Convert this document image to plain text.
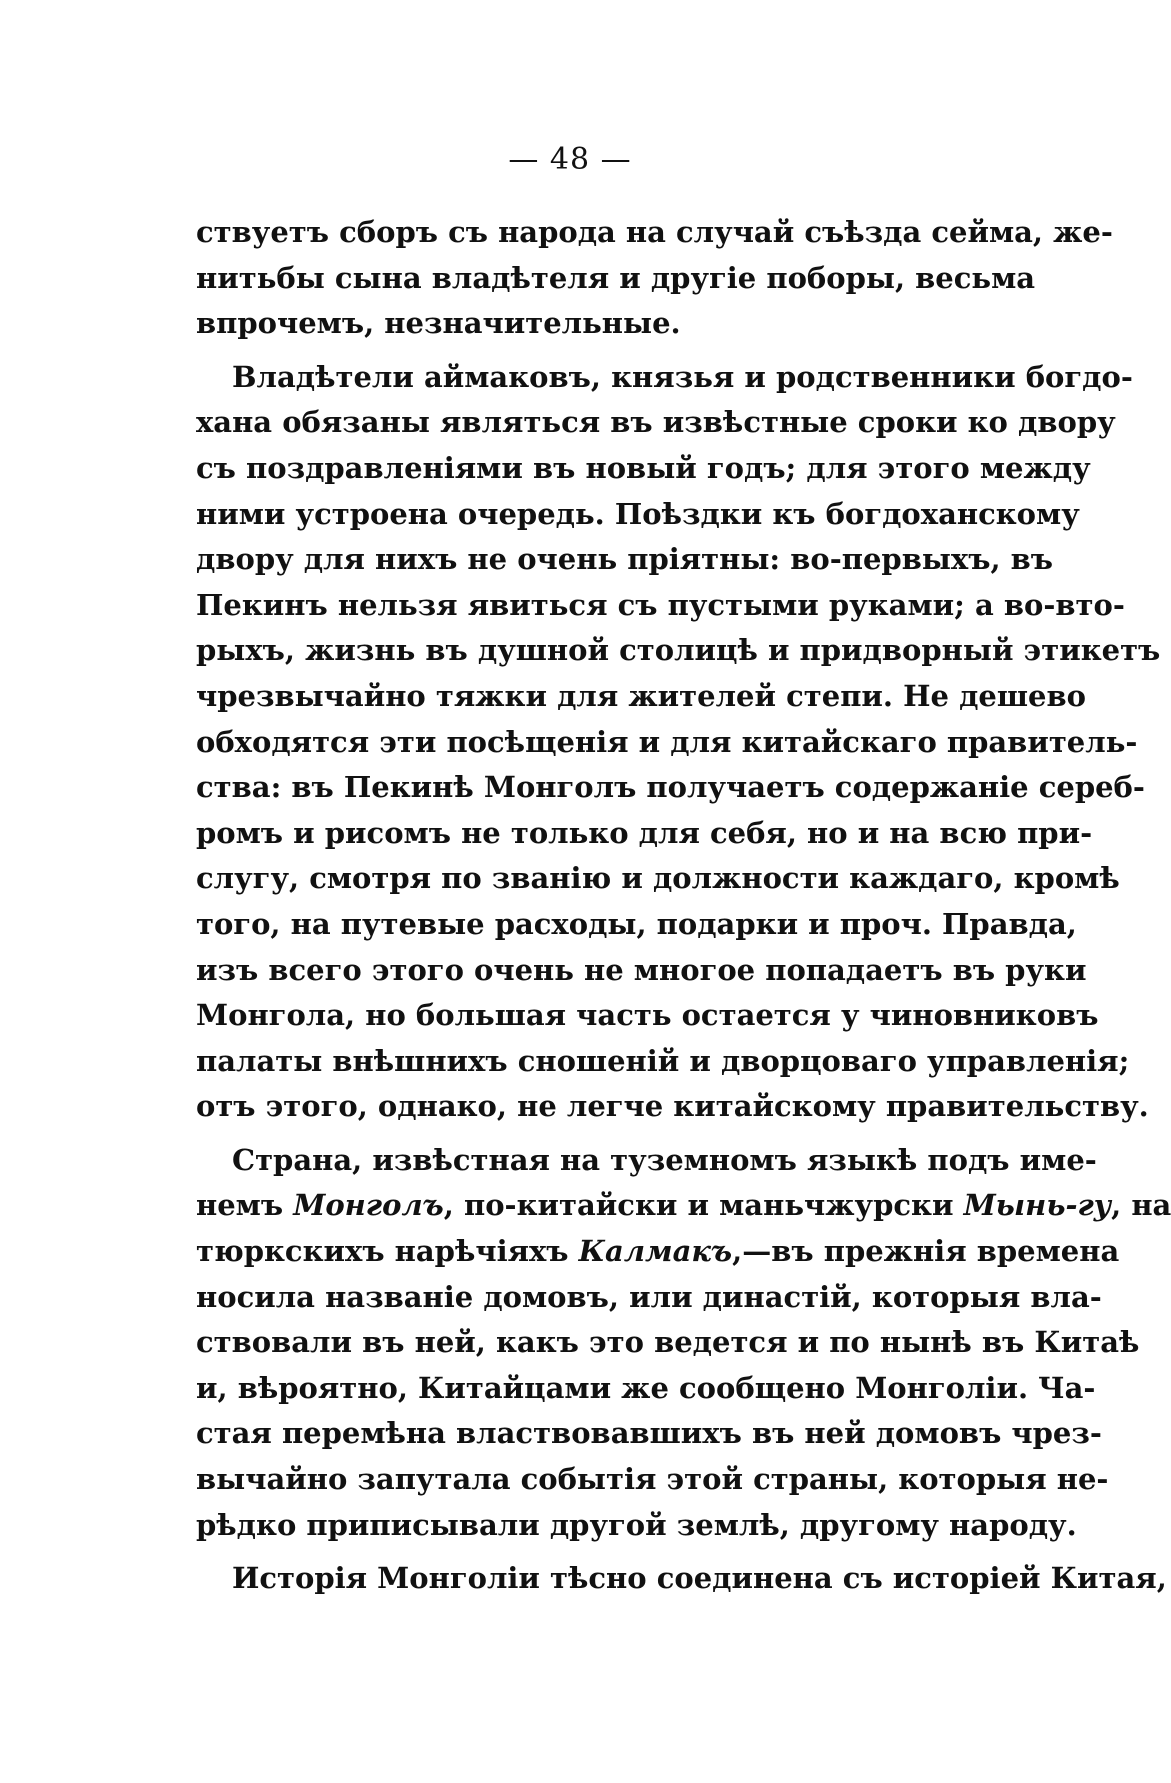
— 48 —
ствуетъ сборъ съ народа на случай съѣзда сейма, же-
нитьбы сына владѣтеля и другіе поборы, весьма
впрочемъ, незначительные.
Владѣтели аймаковъ, князья и родственники богдо-
хана обязаны являться въ извѣстные сроки ко двору
съ поздравленіями въ новый годъ; для этого между
ними устроена очередь. Поѣздки къ богдоханскому
двору для нихъ не очень пріятны: во-первыхъ, въ
Пекинъ нельзя явиться съ пустыми руками; а во-вто-
рыхъ, жизнь въ душной столицѣ и придворный этикетъ
чрезвычайно тяжки для жителей степи. Не дешево
обходятся эти посѣщенія и для китайскаго правитель-
ства: въ Пекинѣ Монголъ получаетъ содержаніе сереб-
ромъ и рисомъ не только для себя, но и на всю при-
слугу, смотря по званію и должности каждаго, кромѣ
того, на путевые расходы, подарки и проч. Правда,
изъ всего этого очень не многое попадаетъ въ руки
Монгола, но большая часть остается у чиновниковъ
палаты внѣшнихъ сношеній и дворцоваго управленія;
отъ этого, однако, не легче китайскому правительству.
Страна, извѣстная на туземномъ языкѣ подъ име-
немъ Монголъ, по-китайски и маньчжурски Мынь-гу, на
тюркскихъ нарѣчіяхъ Калмакъ,—въ прежнія времена
носила названіе домовъ, или династій, которыя вла-
ствовали въ ней, какъ это ведется и по нынѣ въ Китаѣ
и, вѣроятно, Китайцами же сообщено Монголіи. Ча-
стая перемѣна властвовавшихъ въ ней домовъ чрез-
вычайно запутала событія этой страны, которыя не-
рѣдко приписывали другой землѣ, другому народу.
Исторія Монголіи тѣсно соединена съ исторіей Китая,
